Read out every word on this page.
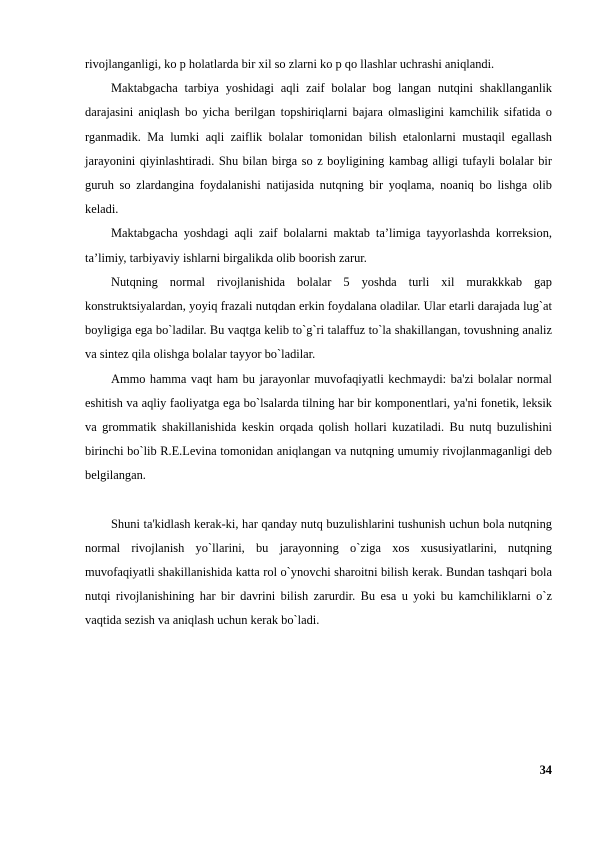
rivojlanganligi, ko p holatlarda bir xil so zlarni ko p qo llashlar uchrashi aniqlandi.

Maktabgacha tarbiya yoshidagi aqli zaif bolalar bog langan nutqini shakllanganlik darajasini aniqlash bo yicha berilgan topshiriqlarni bajara olmasligini kamchilik sifatida o rganmadik. Ma lumki aqli zaiflik bolalar tomonidan bilish etalonlarni mustaqil egallash jarayonini qiyinlashtiradi. Shu bilan birga so z boyligining kambag alligi tufayli bolalar bir guruh so zlardangina foydalanishi natijasida nutqning bir yoqlama, noaniq bo lishga olib keladi.

Maktabgacha yoshdagi aqli zaif bolalarni maktab ta’limiga tayyorlashda korreksion, ta’limiy, tarbiyaviy ishlarni birgalikda olib boorish zarur.

Nutqning normal rivojlanishida bolalar 5 yoshda turli xil murakkkab gap konstruktsiyalardan, yoyiq frazali nutqdan erkin foydalana oladilar. Ular etarli darajada lug`at boyligiga ega bo`ladilar. Bu vaqtga kelib to`g`ri talaffuz to`la shakillangan, tovushning analiz va sintez qila olishga bolalar tayyor bo`ladilar.

Ammo hamma vaqt ham bu jarayonlar muvofaqiyatli kechmaydi: ba'zi bolalar normal eshitish va aqliy faoliyatga ega bo`lsalarda tilning har bir komponentlari, ya'ni fonetik, leksik va grommatik shakillanishida keskin orqada qolish hollari kuzatiladi. Bu nutq buzulishini birinchi bo`lib R.E.Levina tomonidan aniqlangan va nutqning umumiy rivojlanmaganligi deb belgilangan.

Shuni ta'kidlash kerak-ki, har qanday nutq buzulishlarini tushunish uchun bola nutqning normal rivojlanish yo`llarini, bu jarayonning o`ziga xos xususiyatlarini, nutqning muvofaqiyatli shakillanishida katta rol o`ynovchi sharoitni bilish kerak. Bundan tashqari bola nutqi rivojlanishining har bir davrini bilish zarurdir. Bu esa u yoki bu kamchiliklarni o`z vaqtida sezish va aniqlash uchun kerak bo`ladi.

34
